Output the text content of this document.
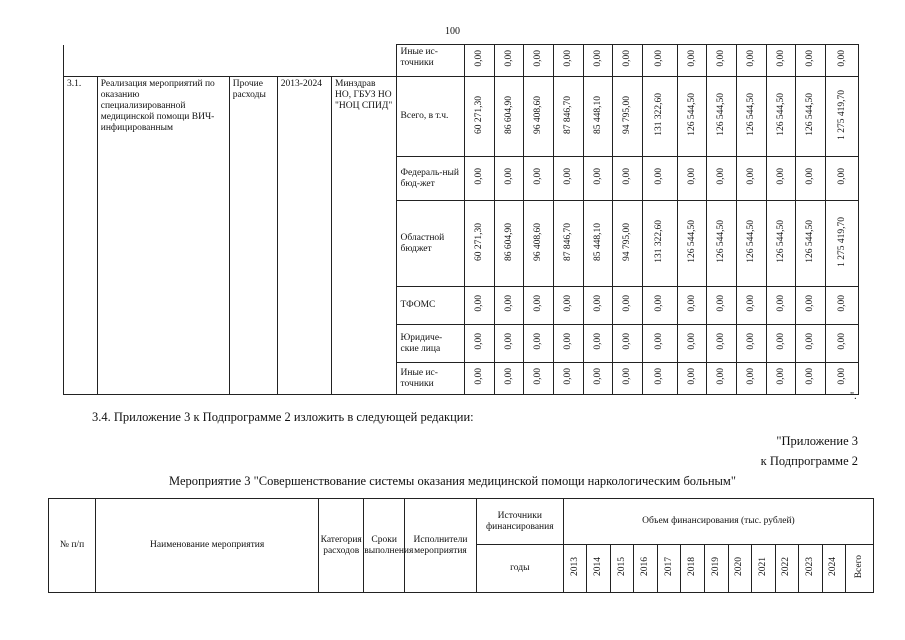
100
					Иные ис-точники	0,00	0,00	0,00	0,00	0,00	0,00	0,00	0,00	0,00	0,00	0,00	0,00	0,00
3.1.	Реализация мероприятий по оказанию специализированной медицинской помощи ВИЧ-инфицированным	Прочие расходы	2013-2024	Минздрав НО, ГБУЗ НО "НОЦ СПИД"	Всего, в т.ч.	60 271,30	86 604,90	96 408,60	87 846,70	85 448,10	94 795,00	131 322,60	126 544,50	126 544,50	126 544,50	126 544,50	126 544,50	1 275 419,70
					Федераль-ный бюд-жет	0,00	0,00	0,00	0,00	0,00	0,00	0,00	0,00	0,00	0,00	0,00	0,00	0,00
					Областной бюджет	60 271,30	86 604,90	96 408,60	87 846,70	85 448,10	94 795,00	131 322,60	126 544,50	126 544,50	126 544,50	126 544,50	126 544,50	1 275 419,70
					ТФОМС	0,00	0,00	0,00	0,00	0,00	0,00	0,00	0,00	0,00	0,00	0,00	0,00	0,00
					Юридиче-ские лица	0,00	0,00	0,00	0,00	0,00	0,00	0,00	0,00	0,00	0,00	0,00	0,00	0,00
					Иные ис-точники	0,00	0,00	0,00	0,00	0,00	0,00	0,00	0,00	0,00	0,00	0,00	0,00	0,00
".
3.4. Приложение 3 к Подпрограмме 2 изложить в следующей редакции:
"Приложение 3
к Подпрограмме 2
Мероприятие 3 "Совершенствование системы оказания медицинской помощи наркологическим больным"
№ п/п	Наименование мероприятия	Категория расходов	Сроки выполнения	Исполнители мероприятия	Источники финансирования	Объем финансирования (тыс. рублей)												
					годы	2013	2014	2015	2016	2017	2018	2019	2020	2021	2022	2023	2024	Всего
